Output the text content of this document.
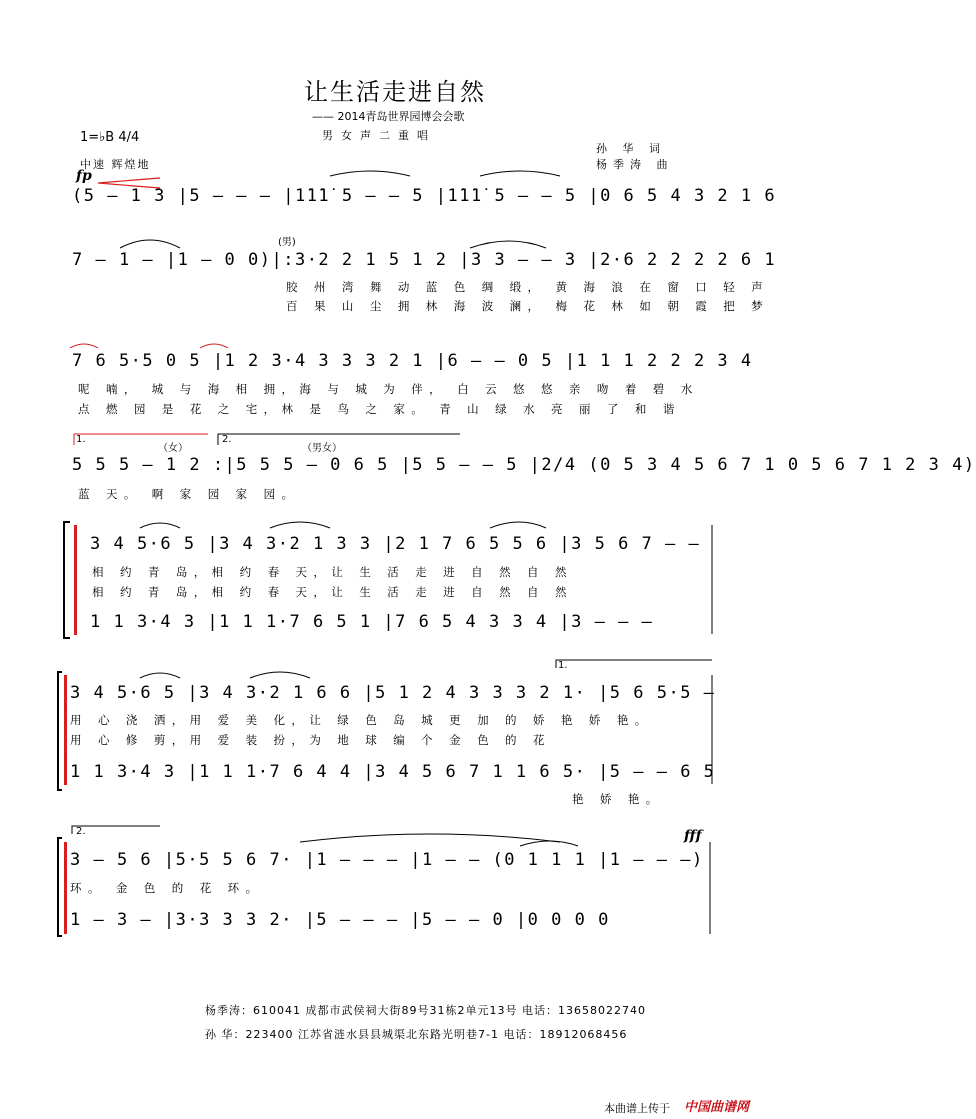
让生活走进自然
—— 2014青岛世界园博会会歌
男女声二重唱
1=♭B 4/4
中速 辉煌地
孙 华 词
杨季涛 曲
fp
(5 – 1 3 |5 – – – |1̇1̇1̇ 5 – – 5 |1̇1̇1̇ 5 – – 5 |0 6 5 4 3 2 1 6
(男)
7 – 1 – |1 – 0 0)|:3·2 2 1 5 1 2 |3 3 – – 3 |2·6 2 2 2 2 6 1
胶 州 湾 舞 动 蓝 色 绸 缎， 黄 海 浪 在 窗 口 轻 声
百 果 山 尘 拥 林 海 波 澜， 梅 花 林 如 朝 霞 把 梦
7 6 5·5 0 5 |1 2 3·4 3 3 3 2 1 |6 – – 0 5 |1 1 1 2 2 2 3 4
呢 喃， 城 与 海 相 拥，海 与 城 为 伴， 白 云 悠 悠 亲 吻 着 碧 水
点 燃 园 是 花 之 宅，林 是 鸟 之 家。 青 山 绿 水 亮 丽 了 和 谐
1.	2.
（女）	（男女）
5 5 5 – 1 2 :|5 5 5 – 0 6 5 |5 5 – – 5 |2/4 (0 5 3 4 5 6 7 1 0 5 6 7 1 2 3 4)
蓝 天。 啊 家 园 家 园。
3 4 5·6 5 |3 4 3·2 1 3 3 |2 1 7 6 5 5 6 |3 5 6 7 – –
相 约 青 岛，相 约 春 天，让 生 活 走 进 自 然 自 然
相 约 青 岛，相 约 春 天，让 生 活 走 进 自 然 自 然
1 1 3·4 3 |1 1 1·7 6 5 1 |7 6 5 4 3 3 4 |3 – – –
1.
3 4 5·6 5 |3 4 3·2 1 6 6 |5 1 2 4 3 3 3 2 1· |5 6 5·5 –
用 心 浇 洒，用 爱 美 化，让 绿 色 岛 城 更 加 的 娇 艳 娇 艳。
用 心 修 剪，用 爱 装 扮，为 地 球 编 个 金 色 的 花
1 1 3·4 3 |1 1 1·7 6 4 4 |3 4 5 6 7 1 1 6 5· |5 – – 6 5
艳 娇 艳。
2.	fff
3 – 5 6 |5·5 5 6 7· |1 – – – |1 – – (0 1 1 1 |1 – – –)
环。 金 色 的 花 环。
1 – 3 – |3·3 3 3 2· |5 – – – |5 – – 0 |0 0 0 0
杨季涛：610041 成都市武侯祠大街89号31栋2单元13号 电话：13658022740
孙 华：223400 江苏省涟水县县城渠北东路光明巷7-1 电话：18912068456
本曲谱上传于 中国曲谱网
